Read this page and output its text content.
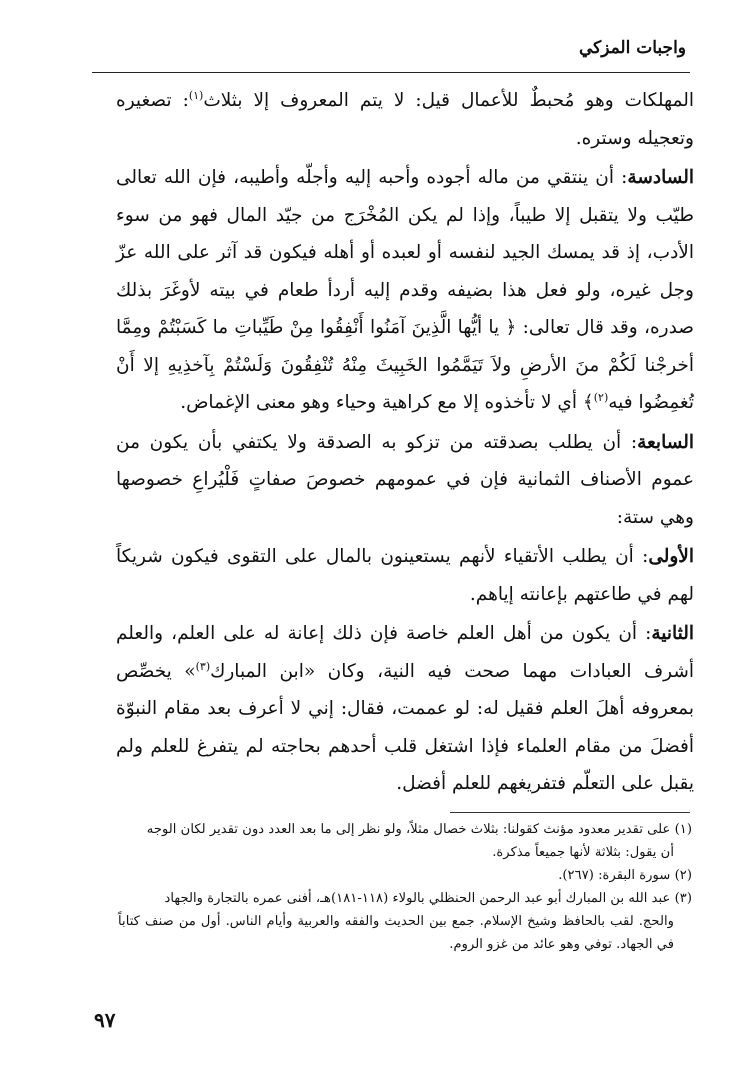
واجبات المزكي

المهلكات وهو مُحبطٌ للأعمال قيل: لا يتم المعروف إلا بثلاث$^{(١)}$: تصغيره وتعجيله وستره.

السادسة: أن ينتقي من ماله أجوده وأحبه إليه وأجلّه وأطيبه، فإن الله تعالى طيّب ولا يتقبل إلا طيباً، وإذا لم يكن المُخْرَج من جيّد المال فهو من سوء الأدب، إذ قد يمسك الجيد لنفسه أو لعبده أو أهله فيكون قد آثر على الله عزّ وجل غيره، ولو فعل هذا بضيفه وقدم إليه أردأ طعام في بيته لأوغَرَ بذلك صدره، وقد قال تعالى: ﴿ يا أيُّها الَّذِينَ آمَنُوا أَنْفِقُوا مِنْ طَيِّباتِ ما كَسَبْتُمْ ومِمَّا أخرجْنا لَكُمْ منَ الأرضِ ولاَ تَيَمَّمُوا الخَبِيثَ مِنْهُ تُنْفِقُونَ وَلَسْتُمْ بِآخذِيهِ إلا أَنْ تُغمِضُوا فيه$^{(٢)}$﴾ أي لا تأخذوه إلا مع كراهية وحياء وهو معنى الإغماض.

السابعة: أن يطلب بصدقته من تزكو به الصدقة ولا يكتفي بأن يكون من عموم الأصناف الثمانية فإن في عمومهم خصوصَ صفاتٍ فَلْيُراعِ خصوصها وهي ستة:

الأولى: أن يطلب الأتقياء لأنهم يستعينون بالمال على التقوى فيكون شريكاً لهم في طاعتهم بإعانته إياهم.

الثانية: أن يكون من أهل العلم خاصة فإن ذلك إعانة له على العلم، والعلم أشرف العبادات مهما صحت فيه النية، وكان «ابن المبارك$^{(٣)}$» يخصِّص بمعروفه أهلَ العلم فقيل له: لو عممت، فقال: إني لا أعرف بعد مقام النبوّة أفضلَ من مقام العلماء فإذا اشتغل قلب أحدهم بحاجته لم يتفرغ للعلم ولم يقبل على التعلّم فتفريغهم للعلم أفضل.

(١) على تقدير معدود مؤنث كقولنا: بثلاث خصال مثلاً، ولو نظر إلى ما بعد العدد دون تقدير لكان الوجه

أن يقول: بثلاثة لأنها جميعاً مذكرة.

(٢) سورة البقرة: (٢٦٧).

(٣) عبد الله بن المبارك أبو عبد الرحمن الحنظلي بالولاء (١١٨-١٨١)هـ، أفنى عمره بالتجارة والجهاد

والحج. لقب بالحافظ وشيخ الإسلام. جمع بين الحديث والفقه والعربية وأيام الناس. أول من صنف كتاباً في الجهاد. توفي وهو عائد من غزو الروم.

٩٧
